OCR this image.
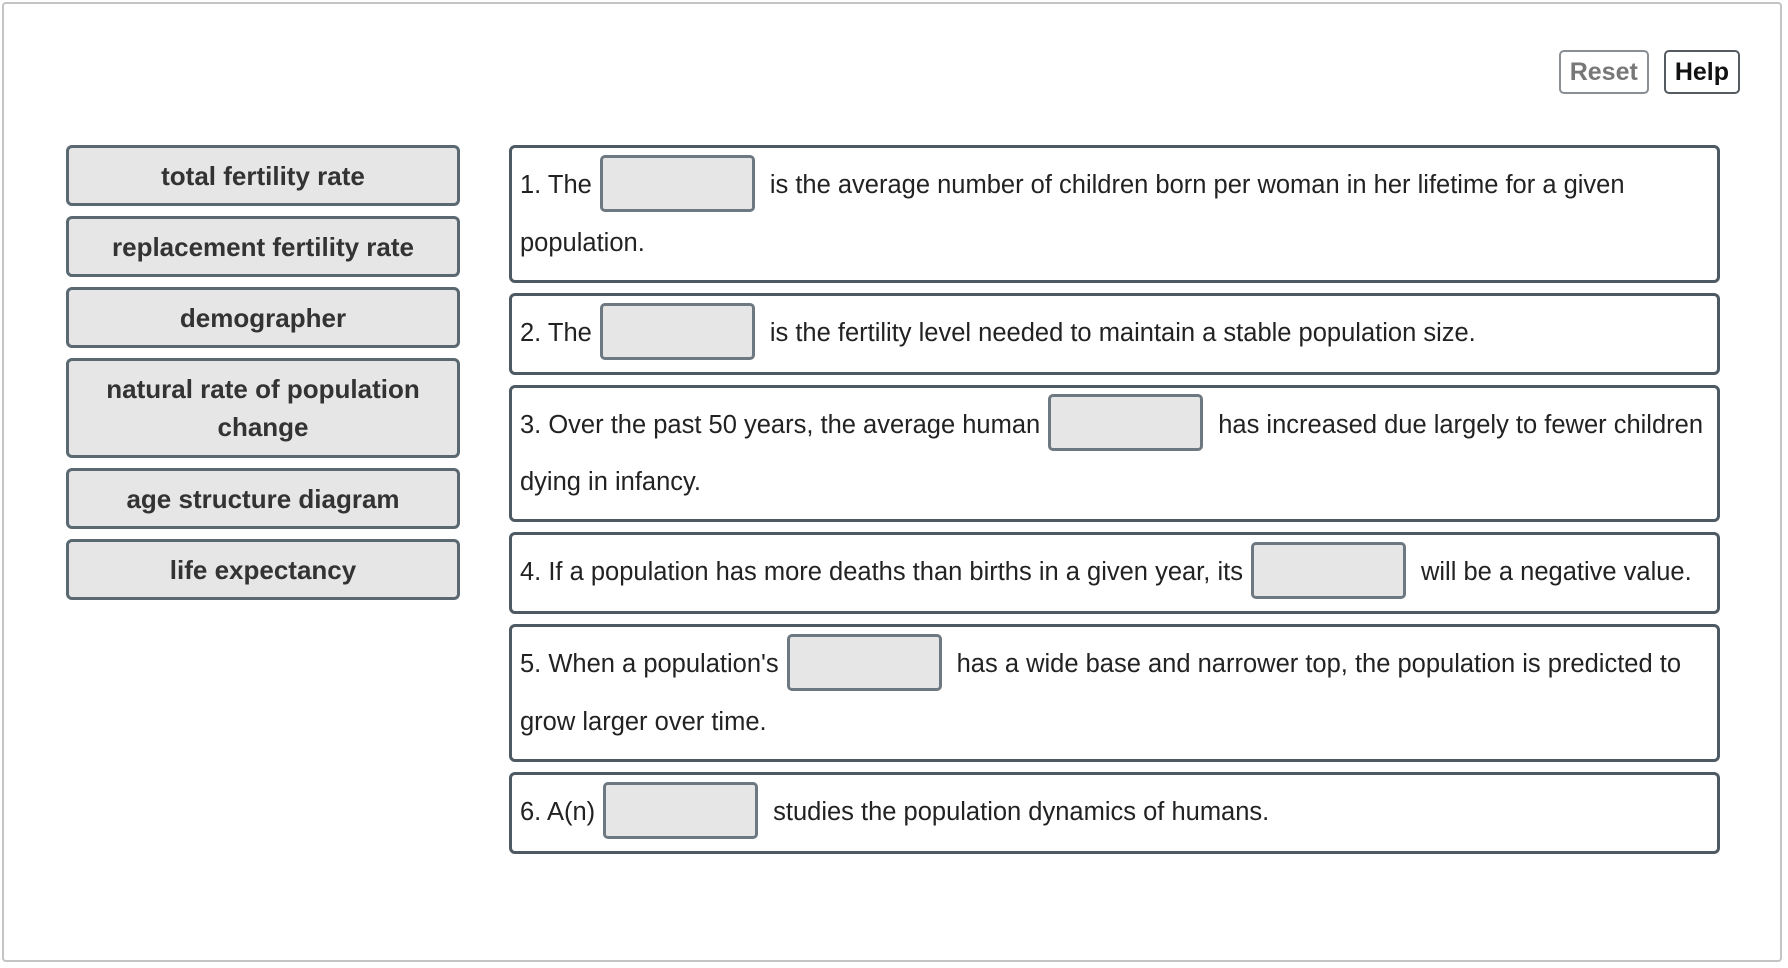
Reset	Help
total fertility rate
replacement fertility rate
demographer
natural rate of population change
age structure diagram
life expectancy
1. The	is the average number of children born per woman in her lifetime for a given population.
2. The	is the fertility level needed to maintain a stable population size.
3. Over the past 50 years, the average human	has increased due largely to fewer children dying in infancy.
4. If a population has more deaths than births in a given year, its	will be a negative value.
5. When a population's	has a wide base and narrower top, the population is predicted to grow larger over time.
6. A(n)	studies the population dynamics of humans.
